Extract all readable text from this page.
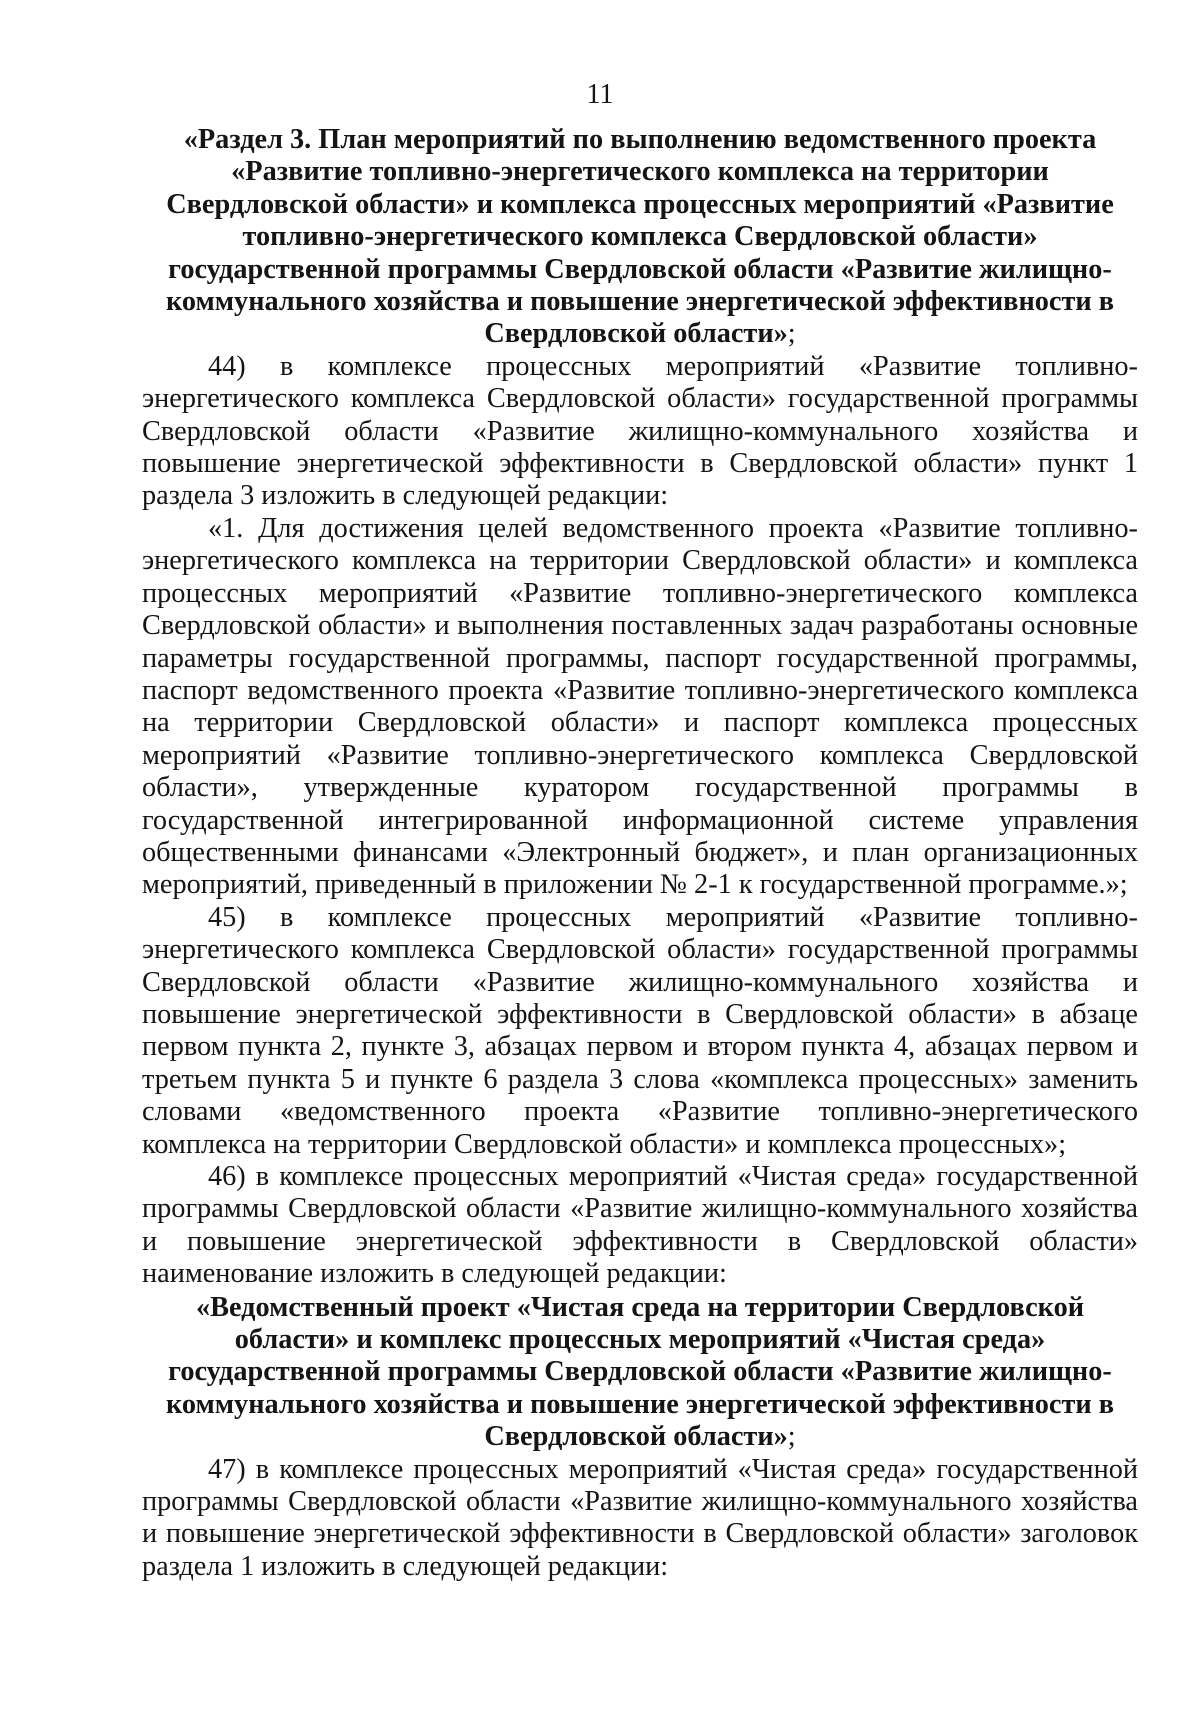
11

«Раздел 3. План мероприятий по выполнению ведомственного проекта «Развитие топливно-энергетического комплекса на территории Свердловской области» и комплекса процессных мероприятий «Развитие топливно-энергетического комплекса Свердловской области» государственной программы Свердловской области «Развитие жилищно-коммунального хозяйства и повышение энергетической эффективности в Свердловской области»;

44) в комплексе процессных мероприятий «Развитие топливно-энергетического комплекса Свердловской области» государственной программы Свердловской области «Развитие жилищно-коммунального хозяйства и повышение энергетической эффективности в Свердловской области» пункт 1 раздела 3 изложить в следующей редакции:

«1. Для достижения целей ведомственного проекта «Развитие топливно-энергетического комплекса на территории Свердловской области» и комплекса процессных мероприятий «Развитие топливно-энергетического комплекса Свердловской области» и выполнения поставленных задач разработаны основные параметры государственной программы, паспорт государственной программы, паспорт ведомственного проекта «Развитие топливно-энергетического комплекса на территории Свердловской области» и паспорт комплекса процессных мероприятий «Развитие топливно-энергетического комплекса Свердловской области», утвержденные куратором государственной программы в государственной интегрированной информационной системе управления общественными финансами «Электронный бюджет», и план организационных мероприятий, приведенный в приложении № 2-1 к государственной программе.»;

45) в комплексе процессных мероприятий «Развитие топливно-энергетического комплекса Свердловской области» государственной программы Свердловской области «Развитие жилищно-коммунального хозяйства и повышение энергетической эффективности в Свердловской области» в абзаце первом пункта 2, пункте 3, абзацах первом и втором пункта 4, абзацах первом и третьем пункта 5 и пункте 6 раздела 3 слова «комплекса процессных» заменить словами «ведомственного проекта «Развитие топливно-энергетического комплекса на территории Свердловской области» и комплекса процессных»;

46) в комплексе процессных мероприятий «Чистая среда» государственной программы Свердловской области «Развитие жилищно-коммунального хозяйства и повышение энергетической эффективности в Свердловской области» наименование изложить в следующей редакции:

«Ведомственный проект «Чистая среда на территории Свердловской области» и комплекс процессных мероприятий «Чистая среда» государственной программы Свердловской области «Развитие жилищно-коммунального хозяйства и повышение энергетической эффективности в Свердловской области»;

47) в комплексе процессных мероприятий «Чистая среда» государственной программы Свердловской области «Развитие жилищно-коммунального хозяйства и повышение энергетической эффективности в Свердловской области» заголовок раздела 1 изложить в следующей редакции:
